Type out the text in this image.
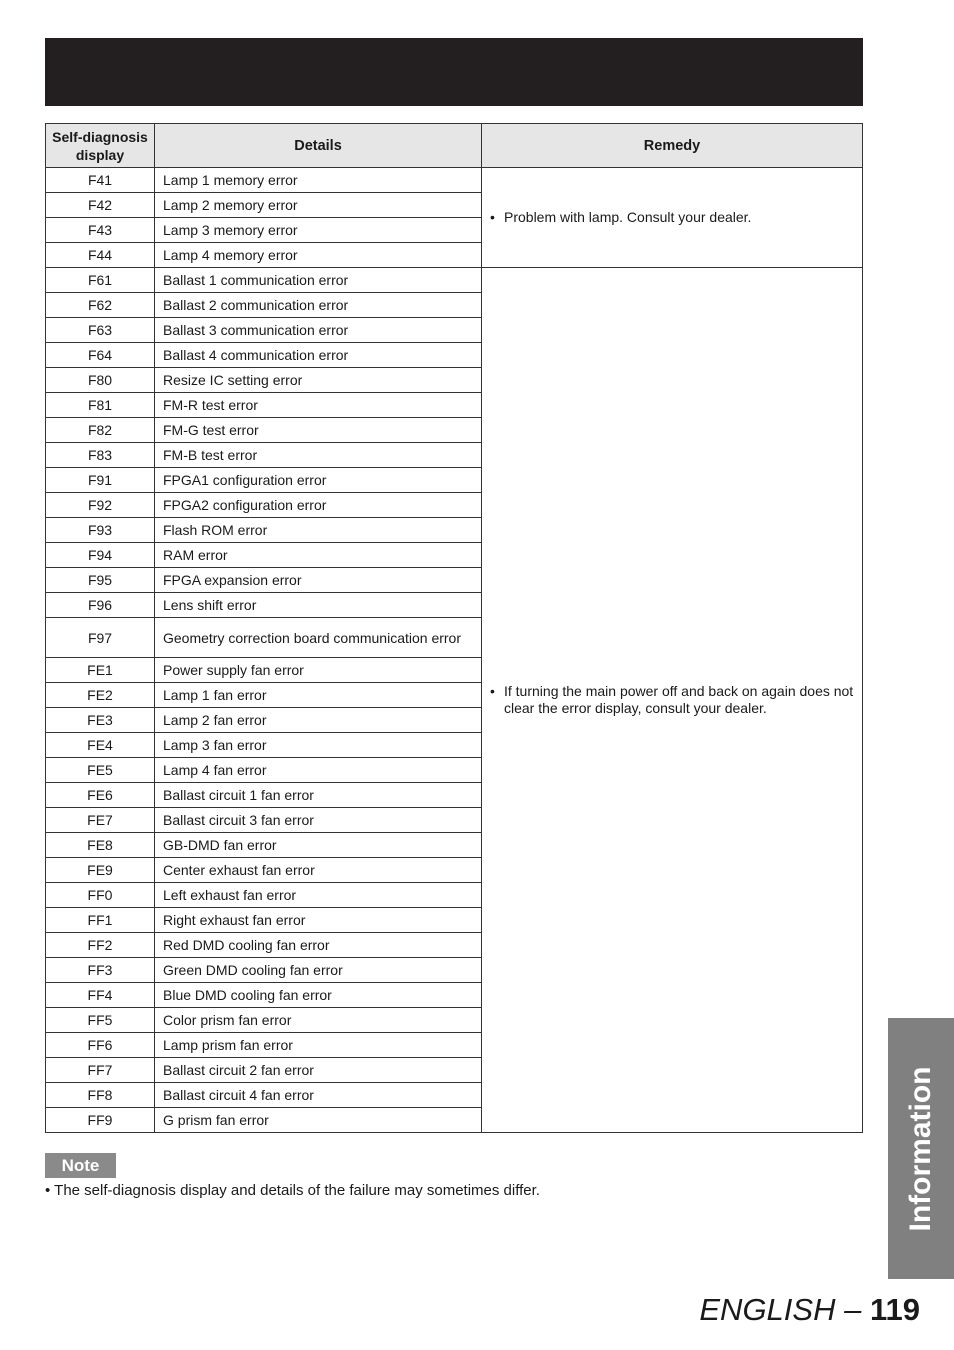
Self-diagnosis display	Details	Remedy
F41	Lamp 1 memory error	• Problem with lamp. Consult your dealer.

F42	Lamp 2 memory error	
F43	Lamp 3 memory error	
F44	Lamp 4 memory error	
F61	Ballast 1 communication error	• If turning the main power off and back on again does not clear the error display, consult your dealer.

F62	Ballast 2 communication error	
F63	Ballast 3 communication error	
F64	Ballast 4 communication error	
F80	Resize IC setting error	
F81	FM-R test error	
F82	FM-G test error	
F83	FM-B test error	
F91	FPGA1 configuration error	
F92	FPGA2 configuration error	
F93	Flash ROM error	
F94	RAM error	
F95	FPGA expansion error	
F96	Lens shift error	
F97	Geometry correction board communication error	
FE1	Power supply fan error	
FE2	Lamp 1 fan error	
FE3	Lamp 2 fan error	
FE4	Lamp 3 fan error	
FE5	Lamp 4 fan error	
FE6	Ballast circuit 1 fan error	
FE7	Ballast circuit 3 fan error	
FE8	GB-DMD fan error	
FE9	Center exhaust fan error	
FF0	Left exhaust fan error	
FF1	Right exhaust fan error	
FF2	Red DMD cooling fan error	
FF3	Green DMD cooling fan error	
FF4	Blue DMD cooling fan error	
FF5	Color prism fan error	
FF6	Lamp prism fan error	
FF7	Ballast circuit 2 fan error	
FF8	Ballast circuit 4 fan error	
FF9	G prism fan error	
Note
• The self-diagnosis display and details of the failure may sometimes differ.	Information
ENGLISH – 119
